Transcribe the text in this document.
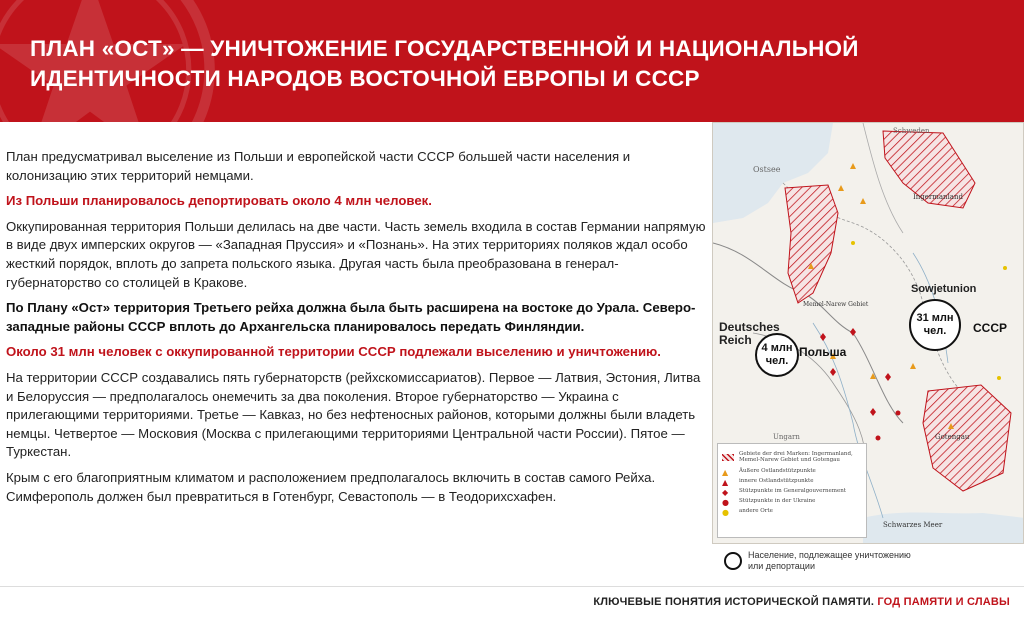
ПЛАН «ОСТ» — УНИЧТОЖЕНИЕ ГОСУДАРСТВЕННОЙ И НАЦИОНАЛЬНОЙ ИДЕНТИЧНОСТИ НАРОДОВ ВОСТОЧНОЙ ЕВРОПЫ И СССР

План предусматривал выселение из Польши и европейской части СССР большей части населения и колонизацию этих территорий немцами.

Из Польши планировалось депортировать около 4 млн человек.

Оккупированная территория Польши делилась на две части. Часть земель входила в состав Германии напрямую в виде двух имперских округов — «Западная Пруссия» и «Познань». На этих территориях поляков ждал особо жесткий порядок, вплоть до запрета польского языка. Другая часть была преобразована в генерал-губернаторство со столицей в Кракове.

По Плану «Ост» территория Третьего рейха должна была быть расширена на востоке до Урала. Северо-западные районы СССР вплоть до Архангельска планировалось передать Финляндии.

Около 31 млн человек с оккупированной территории СССР подлежали выселению и уничтожению.

На территории СССР создавались пять губернаторств (рейхскомиссариатов). Первое — Латвия, Эстония, Литва и Белоруссия — предполагалось онемечить за два поколения. Второе губернаторство — Украина с прилегающими территориями. Третье — Кавказ, но без нефтеносных районов, которыми должны были владеть немцы. Четвертое — Московия (Москва с прилегающими территориями Центральной части России). Пятое — Туркестан.

Крым с его благоприятным климатом и расположением предполагалось включить в состав самого Рейха. Симферополь должен был превратиться в Готенбург, Севастополь — в Теодорихсхафен.

Schweden
Ostsee
Ingermanland
Sowjetunion
Deutsches Reich
Memel-Narew Gebiet
Gotengau
Schwarzes Meer
Ungarn
4 млн чел.
Польша
31 млн чел.	СССР
Gebiete der drei Marken: Ingermanland, Memel-Narew Gebiet und Gotengau
▲	Äußere Ostlandstützpunkte
▲	innere Ostlandstützpunkte
◆	Stützpunkte im Generalgouvernement
●	Stützpunkte in der Ukraine
●	andere Orte
Население, подлежащее уничтожению или депортации
КЛЮЧЕВЫЕ ПОНЯТИЯ ИСТОРИЧЕСКОЙ ПАМЯТИ. ГОД ПАМЯТИ И СЛАВЫ
